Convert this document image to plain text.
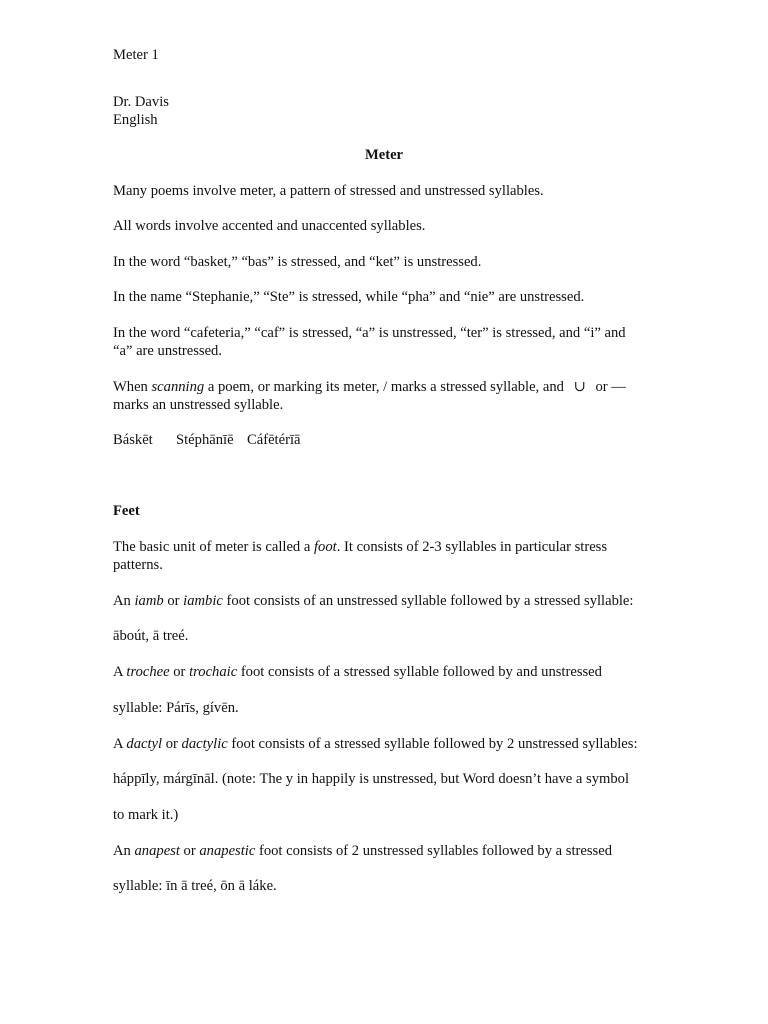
Meter 1
Dr. Davis
English
Meter
Many poems involve meter, a pattern of stressed and unstressed syllables.
All words involve accented and unaccented syllables.
In the word “basket,” “bas” is stressed, and “ket” is unstressed.
In the name “Stephanie,” “Ste” is stressed, while “pha” and “nie” are unstressed.
In the word “cafeteria,” “caf” is stressed, “a” is unstressed, “ter” is stressed, and “i” and
“a” are unstressed.
When scanning a poem, or marking its meter, / marks a stressed syllable, and ∪ or —
marks an unstressed syllable.
Báskēt Stéphānīē Cáfētérīā
Feet
The basic unit of meter is called a foot. It consists of 2-3 syllables in particular stress
patterns.
An iamb or iambic foot consists of an unstressed syllable followed by a stressed syllable:
āboút, ā treé.
A trochee or trochaic foot consists of a stressed syllable followed by and unstressed
syllable: Párīs, gívēn.
A dactyl or dactylic foot consists of a stressed syllable followed by 2 unstressed syllables:
háppīly, márgīnāl. (note: The y in happily is unstressed, but Word doesn’t have a symbol
to mark it.)
An anapest or anapestic foot consists of 2 unstressed syllables followed by a stressed
syllable: īn ā treé, ōn ā láke.
